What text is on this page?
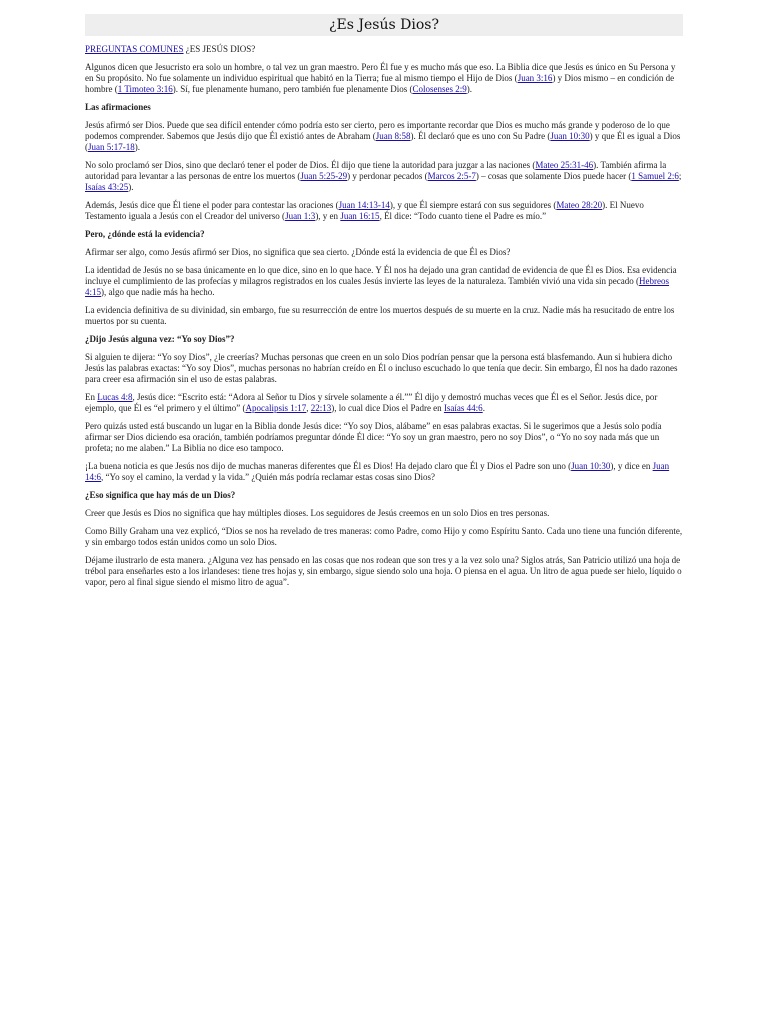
¿Es Jesús Dios?
PREGUNTAS COMUNES ¿ES JESÚS DIOS?

Algunos dicen que Jesucristo era solo un hombre, o tal vez un gran maestro. Pero Él fue y es mucho más que eso. La Biblia dice que Jesús es único en Su Persona y en Su propósito. No fue solamente un individuo espiritual que habitó en la Tierra; fue al mismo tiempo el Hijo de Dios (Juan 3:16) y Dios mismo – en condición de hombre (1 Timoteo 3:16). Sí, fue plenamente humano, pero también fue plenamente Dios (Colosenses 2:9).

Las afirmaciones

Jesús afirmó ser Dios. Puede que sea difícil entender cómo podría esto ser cierto, pero es importante recordar que Dios es mucho más grande y poderoso de lo que podemos comprender. Sabemos que Jesús dijo que Él existió antes de Abraham (Juan 8:58). Él declaró que es uno con Su Padre (Juan 10:30) y que Él es igual a Dios (Juan 5:17-18).

No solo proclamó ser Dios, sino que declaró tener el poder de Dios. Él dijo que tiene la autoridad para juzgar a las naciones (Mateo 25:31-46). También afirma la autoridad para levantar a las personas de entre los muertos (Juan 5:25-29) y perdonar pecados (Marcos 2:5-7) – cosas que solamente Dios puede hacer (1 Samuel 2:6; Isaías 43:25).

Además, Jesús dice que Él tiene el poder para contestar las oraciones (Juan 14:13-14), y que Él siempre estará con sus seguidores (Mateo 28:20). El Nuevo Testamento iguala a Jesús con el Creador del universo (Juan 1:3), y en Juan 16:15, Él dice: “Todo cuanto tiene el Padre es mío.”

Pero, ¿dónde está la evidencia?

Afirmar ser algo, como Jesús afirmó ser Dios, no significa que sea cierto. ¿Dónde está la evidencia de que Él es Dios?

La identidad de Jesús no se basa únicamente en lo que dice, sino en lo que hace. Y Él nos ha dejado una gran cantidad de evidencia de que Él es Dios. Esa evidencia incluye el cumplimiento de las profecías y milagros registrados en los cuales Jesús invierte las leyes de la naturaleza. También vivió una vida sin pecado (Hebreos 4:15), algo que nadie más ha hecho.

La evidencia definitiva de su divinidad, sin embargo, fue su resurrección de entre los muertos después de su muerte en la cruz. Nadie más ha resucitado de entre los muertos por su cuenta.

¿Dijo Jesús alguna vez: “Yo soy Dios”?

Si alguien te dijera: “Yo soy Dios”, ¿le creerías? Muchas personas que creen en un solo Dios podrían pensar que la persona está blasfemando. Aun si hubiera dicho Jesús las palabras exactas: “Yo soy Dios”, muchas personas no habrían creído en Él o incluso escuchado lo que tenía que decir. Sin embargo, Él nos ha dado razones para creer esa afirmación sin el uso de estas palabras.

En Lucas 4:8, Jesús dice: “Escrito está: “Adora al Señor tu Dios y sírvele solamente a él.”” Él dijo y demostró muchas veces que Él es el Señor. Jesús dice, por ejemplo, que Él es “el primero y el último” (Apocalipsis 1:17, 22:13), lo cual dice Dios el Padre en Isaías 44:6.

Pero quizás usted está buscando un lugar en la Biblia donde Jesús dice: “Yo soy Dios, alábame” en esas palabras exactas. Si le sugerimos que a Jesús solo podía afirmar ser Dios diciendo esa oración, también podríamos preguntar dónde Él dice: “Yo soy un gran maestro, pero no soy Dios”, o “Yo no soy nada más que un profeta; no me alaben.” La Biblia no dice eso tampoco.

¡La buena noticia es que Jesús nos dijo de muchas maneras diferentes que Él es Dios! Ha dejado claro que Él y Dios el Padre son uno (Juan 10:30), y dice en Juan 14:6, “Yo soy el camino, la verdad y la vida.” ¿Quién más podría reclamar estas cosas sino Dios?

¿Eso significa que hay más de un Dios?

Creer que Jesús es Dios no significa que hay múltiples dioses. Los seguidores de Jesús creemos en un solo Dios en tres personas.

Como Billy Graham una vez explicó, “Dios se nos ha revelado de tres maneras: como Padre, como Hijo y como Espíritu Santo. Cada uno tiene una función diferente, y sin embargo todos están unidos como un solo Dios.

Déjame ilustrarlo de esta manera. ¿Alguna vez has pensado en las cosas que nos rodean que son tres y a la vez solo una? Siglos atrás, San Patricio utilizó una hoja de trébol para enseñarles esto a los irlandeses: tiene tres hojas y, sin embargo, sigue siendo solo una hoja. O piensa en el agua. Un litro de agua puede ser hielo, líquido o vapor, pero al final sigue siendo el mismo litro de agua”.
